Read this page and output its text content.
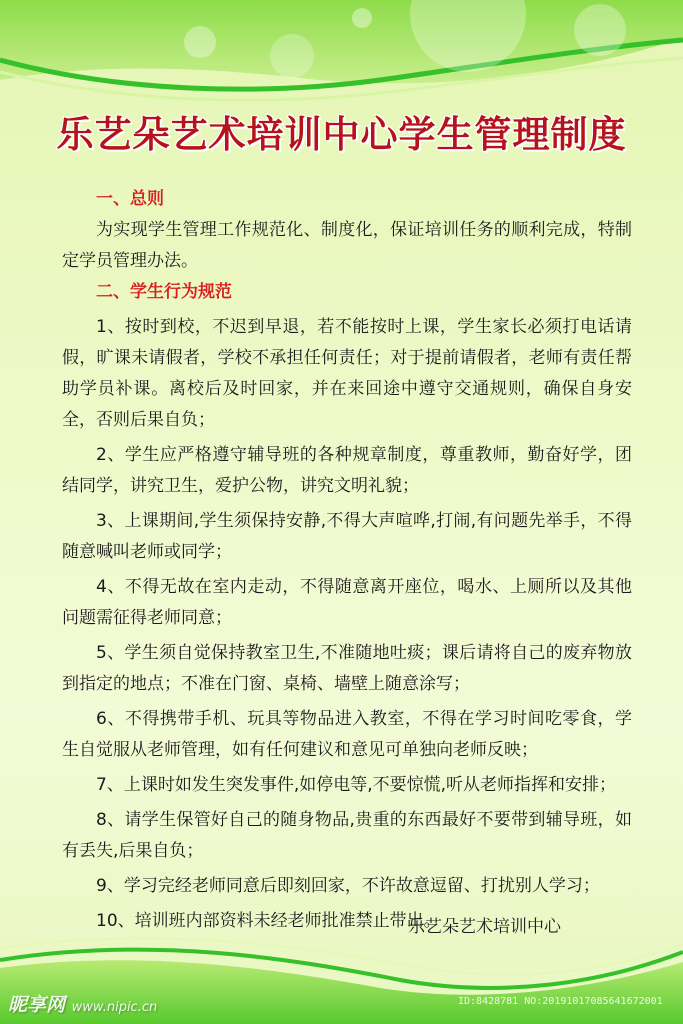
乐艺朵艺术培训中心学生管理制度

一、总则

为实现学生管理工作规范化、制度化，保证培训任务的顺利完成，特制定学员管理办法。

二、学生行为规范

1、按时到校，不迟到早退，若不能按时上课，学生家长必须打电话请假，旷课未请假者，学校不承担任何责任；对于提前请假者，老师有责任帮助学员补课。离校后及时回家，并在来回途中遵守交通规则，确保自身安全，否则后果自负；

2、学生应严格遵守辅导班的各种规章制度，尊重教师，勤奋好学，团结同学，讲究卫生，爱护公物，讲究文明礼貌；

3、上课期间,学生须保持安静,不得大声喧哗,打闹,有问题先举手，不得随意喊叫老师或同学；

4、不得无故在室内走动，不得随意离开座位，喝水、上厕所以及其他问题需征得老师同意；

5、学生须自觉保持教室卫生,不准随地吐痰；课后请将自己的废弃物放到指定的地点；不准在门窗、桌椅、墙壁上随意涂写；

6、不得携带手机、玩具等物品进入教室，不得在学习时间吃零食，学生自觉服从老师管理，如有任何建议和意见可单独向老师反映；

7、上课时如发生突发事件,如停电等,不要惊慌,听从老师指挥和安排；

8、请学生保管好自己的随身物品,贵重的东西最好不要带到辅导班，如有丢失,后果自负；

9、学习完经老师同意后即刻回家，不许故意逗留、打扰别人学习；

10、培训班内部资料未经老师批准禁止带出。

乐艺朵艺术培训中心
昵享网 www.nipic.cn	ID:8428781 NO:20191017085641672001
